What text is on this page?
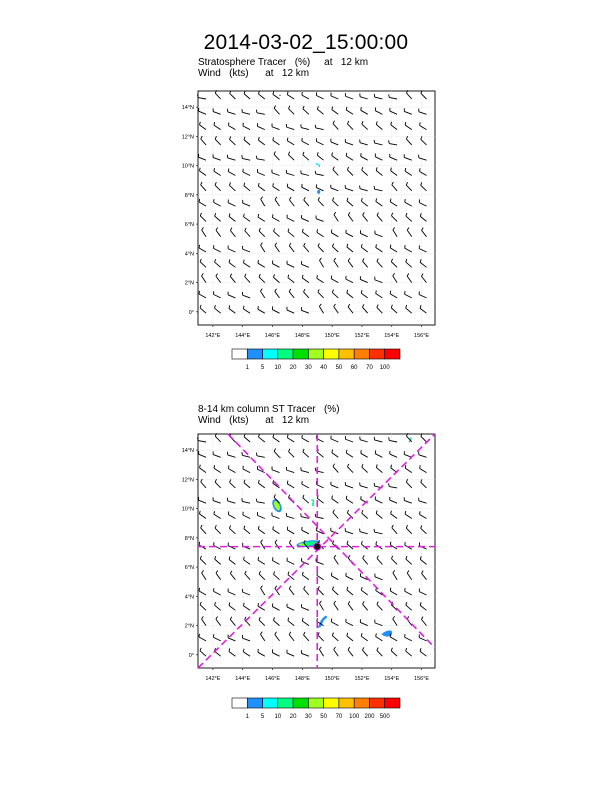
2014-03-02_15:00:00
Stratosphere Tracer   (%)     at   12 km
Wind   (kts)      at   12 km
8-14 km column ST Tracer   (%)
Wind   (kts)      at   12 km
0°
2°N
4°N
6°N
8°N
10°N
12°N
14°N
142°E	144°E	146°E	148°E	150°E	152°E	154°E	156°E
1 5 10 20 30 40 50 60 70 100
0°
2°N
4°N
6°N
8°N
10°N
12°N
14°N
142°E	144°E	146°E	148°E	150°E	152°E	154°E	156°E
1 5 10 20 30 50 70 100 200 500
